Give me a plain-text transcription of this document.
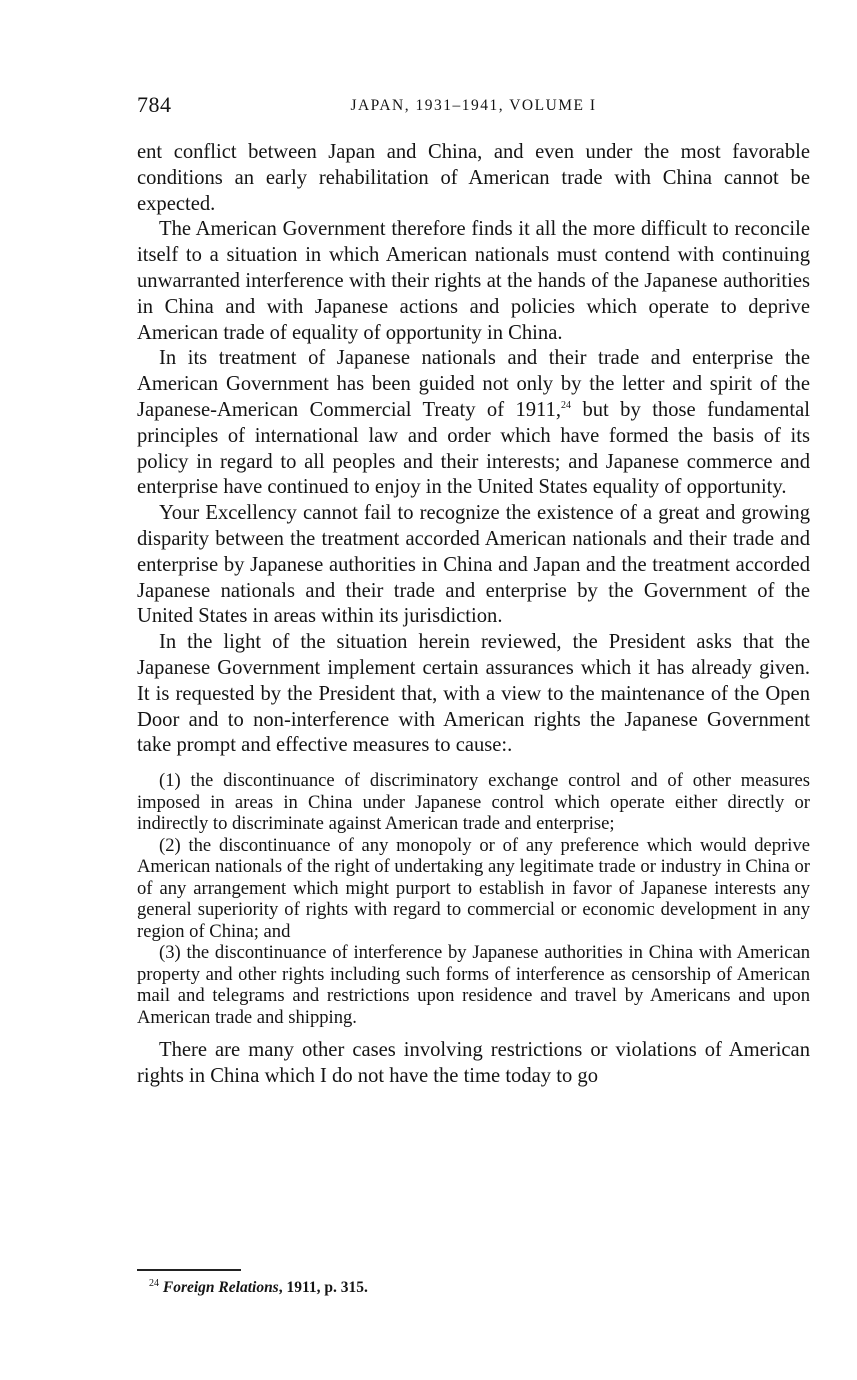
784	JAPAN, 1931–1941, VOLUME I

ent conflict between Japan and China, and even under the most favorable conditions an early rehabilitation of American trade with China cannot be expected.

The American Government therefore finds it all the more difficult to reconcile itself to a situation in which American nationals must contend with continuing unwarranted interference with their rights at the hands of the Japanese authorities in China and with Japanese actions and policies which operate to deprive American trade of equality of opportunity in China.

In its treatment of Japanese nationals and their trade and enterprise the American Government has been guided not only by the letter and spirit of the Japanese-American Commercial Treaty of 1911,24 but by those fundamental principles of international law and order which have formed the basis of its policy in regard to all peoples and their interests; and Japanese commerce and enterprise have continued to enjoy in the United States equality of opportunity.

Your Excellency cannot fail to recognize the existence of a great and growing disparity between the treatment accorded American nationals and their trade and enterprise by Japanese authorities in China and Japan and the treatment accorded Japanese nationals and their trade and enterprise by the Government of the United States in areas within its jurisdiction.

In the light of the situation herein reviewed, the President asks that the Japanese Government implement certain assurances which it has already given. It is requested by the President that, with a view to the maintenance of the Open Door and to non-interference with American rights the Japanese Government take prompt and effective measures to cause:.

(1) the discontinuance of discriminatory exchange control and of other measures imposed in areas in China under Japanese control which operate either directly or indirectly to discriminate against American trade and enterprise;

(2) the discontinuance of any monopoly or of any preference which would deprive American nationals of the right of undertaking any legitimate trade or industry in China or of any arrangement which might purport to establish in favor of Japanese interests any general superiority of rights with regard to commercial or economic development in any region of China; and

(3) the discontinuance of interference by Japanese authorities in China with American property and other rights including such forms of interference as censorship of American mail and telegrams and restrictions upon residence and travel by Americans and upon American trade and shipping.

There are many other cases involving restrictions or violations of American rights in China which I do not have the time today to go

$^{24}$ Foreign Relations, 1911, p. 315.
